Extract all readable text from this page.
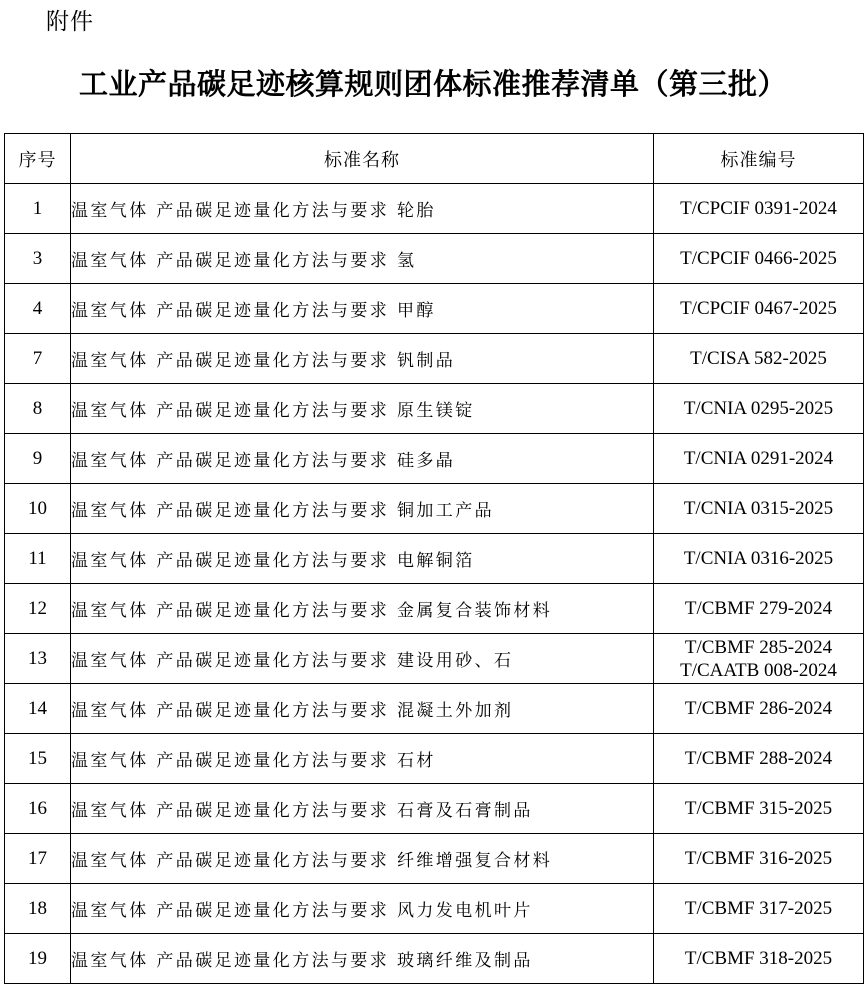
附件
工业产品碳足迹核算规则团体标准推荐清单（第三批）
序号	标准名称	标准编号
1	温室气体 产品碳足迹量化方法与要求 轮胎	T/CPCIF 0391-2024

3	温室气体 产品碳足迹量化方法与要求 氢	T/CPCIF 0466-2025

4	温室气体 产品碳足迹量化方法与要求 甲醇	T/CPCIF 0467-2025

7	温室气体 产品碳足迹量化方法与要求 钒制品	T/CISA 582-2025

8	温室气体 产品碳足迹量化方法与要求 原生镁锭	T/CNIA 0295-2025

9	温室气体 产品碳足迹量化方法与要求 硅多晶	T/CNIA 0291-2024

10	温室气体 产品碳足迹量化方法与要求 铜加工产品	T/CNIA 0315-2025

11	温室气体 产品碳足迹量化方法与要求 电解铜箔	T/CNIA 0316-2025

12	温室气体 产品碳足迹量化方法与要求 金属复合装饰材料	T/CBMF 279-2024

13	温室气体 产品碳足迹量化方法与要求 建设用砂、石	T/CBMF 285-2024
T/CAATB 008-2024

14	温室气体 产品碳足迹量化方法与要求 混凝土外加剂	T/CBMF 286-2024

15	温室气体 产品碳足迹量化方法与要求 石材	T/CBMF 288-2024

16	温室气体 产品碳足迹量化方法与要求 石膏及石膏制品	T/CBMF 315-2025

17	温室气体 产品碳足迹量化方法与要求 纤维增强复合材料	T/CBMF 316-2025

18	温室气体 产品碳足迹量化方法与要求 风力发电机叶片	T/CBMF 317-2025

19	温室气体 产品碳足迹量化方法与要求 玻璃纤维及制品	T/CBMF 318-2025
